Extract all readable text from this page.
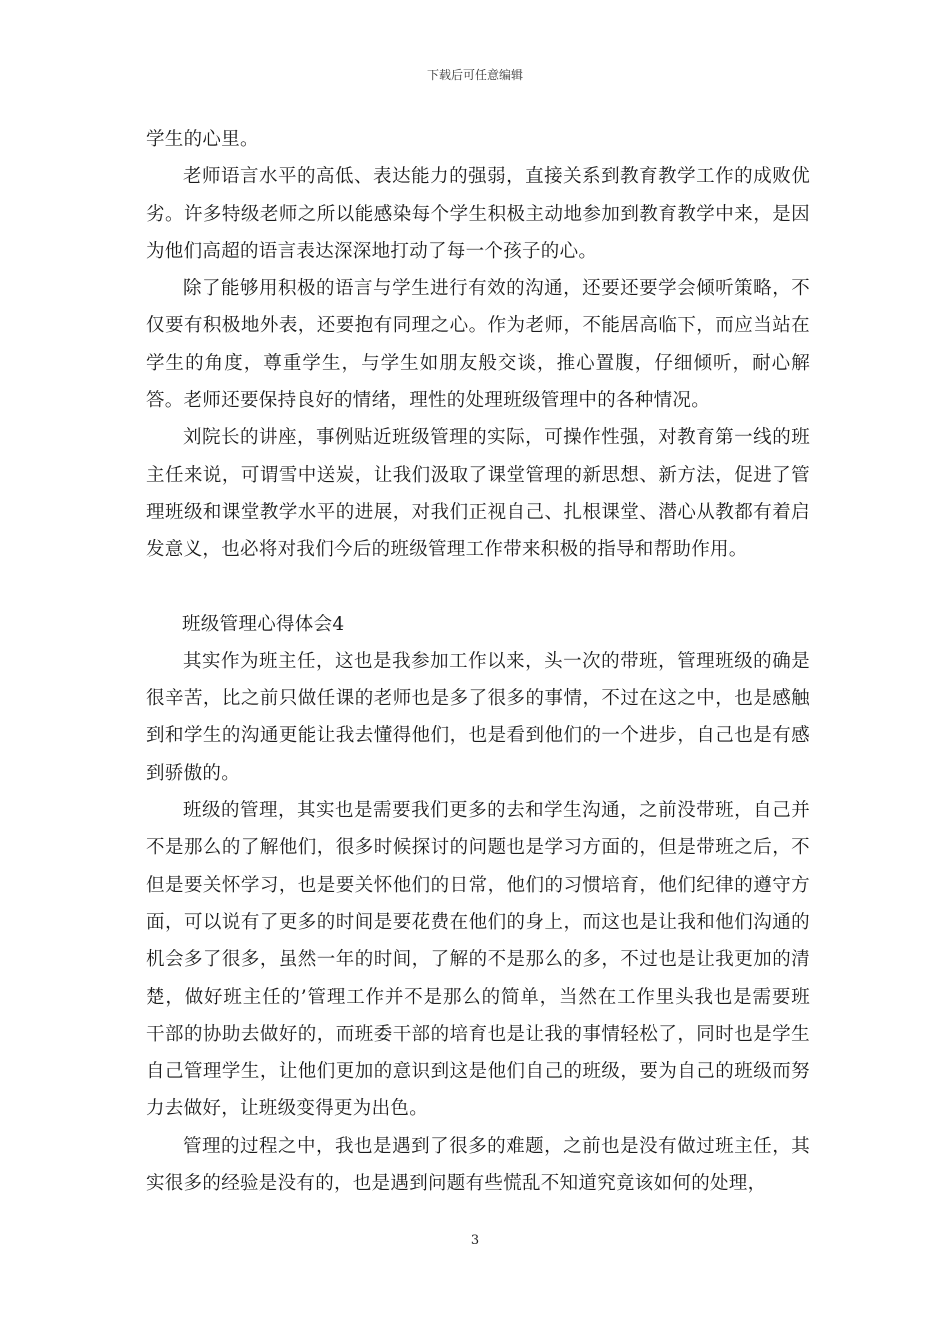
下载后可任意编辑

学生的心里。

老师语言水平的高低、表达能力的强弱，直接关系到教育教学工作的成败优劣。许多特级老师之所以能感染每个学生积极主动地参加到教育教学中来，是因为他们高超的语言表达深深地打动了每一个孩子的心。

除了能够用积极的语言与学生进行有效的沟通，还要还要学会倾听策略，不仅要有积极地外表，还要抱有同理之心。作为老师，不能居高临下，而应当站在学生的角度，尊重学生，与学生如朋友般交谈，推心置腹，仔细倾听，耐心解答。老师还要保持良好的情绪，理性的处理班级管理中的各种情况。

刘院长的讲座，事例贴近班级管理的实际，可操作性强，对教育第一线的班主任来说，可谓雪中送炭，让我们汲取了课堂管理的新思想、新方法，促进了管理班级和课堂教学水平的进展，对我们正视自己、扎根课堂、潜心从教都有着启发意义，也必将对我们今后的班级管理工作带来积极的指导和帮助作用。

班级管理心得体会4

其实作为班主任，这也是我参加工作以来，头一次的带班，管理班级的确是很辛苦，比之前只做任课的老师也是多了很多的事情，不过在这之中，也是感触到和学生的沟通更能让我去懂得他们，也是看到他们的一个进步，自己也是有感到骄傲的。

班级的管理，其实也是需要我们更多的去和学生沟通，之前没带班，自己并不是那么的了解他们，很多时候探讨的问题也是学习方面的，但是带班之后，不但是要关怀学习，也是要关怀他们的日常，他们的习惯培育，他们纪律的遵守方面，可以说有了更多的时间是要花费在他们的身上，而这也是让我和他们沟通的机会多了很多，虽然一年的时间，了解的不是那么的多，不过也是让我更加的清楚，做好班主任的’管理工作并不是那么的简单，当然在工作里头我也是需要班干部的协助去做好的，而班委干部的培育也是让我的事情轻松了，同时也是学生自己管理学生，让他们更加的意识到这是他们自己的班级，要为自己的班级而努力去做好，让班级变得更为出色。

管理的过程之中，我也是遇到了很多的难题，之前也是没有做过班主任，其实很多的经验是没有的，也是遇到问题有些慌乱不知道究竟该如何的处理，

3
